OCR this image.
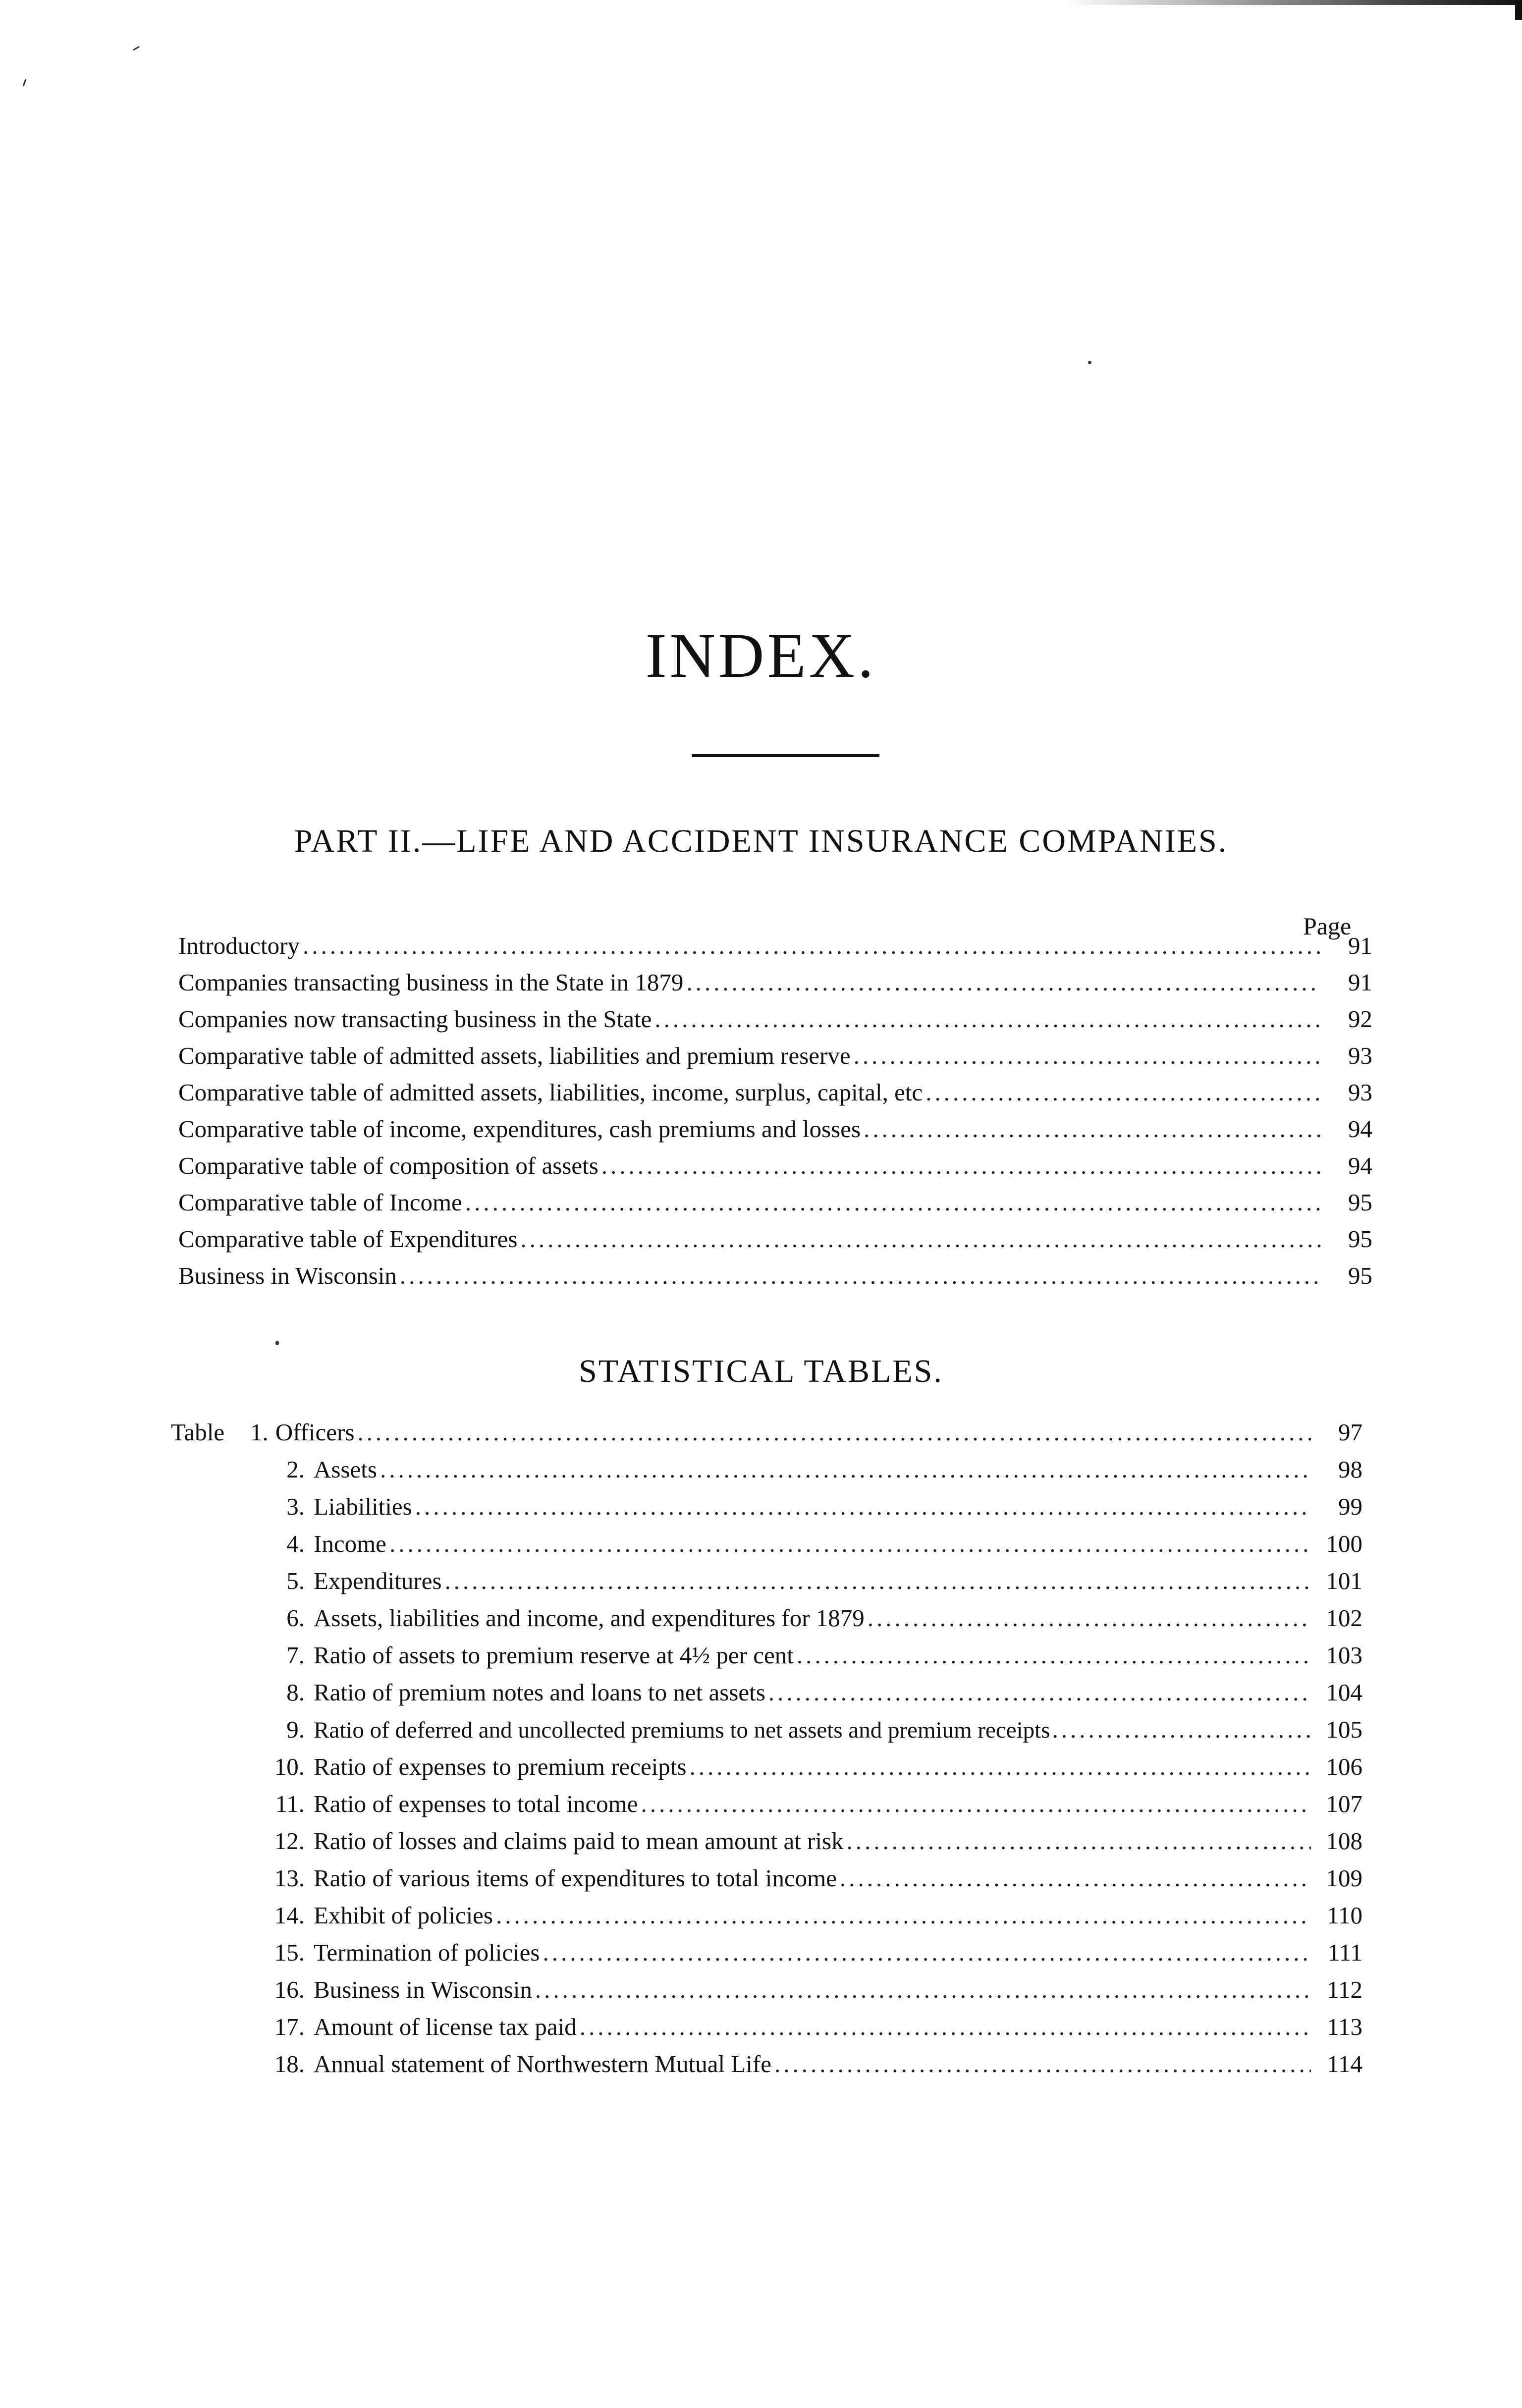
INDEX.
PART II.—LIFE AND ACCIDENT INSURANCE COMPANIES.
Page
Introductory .....	91
Companies transacting business in the State in 1879 .....	91
Companies now transacting business in the State .....	92
Comparative table of admitted assets, liabilities and premium reserve .....	93
Comparative table of admitted assets, liabilities, income, surplus, capital, etc .....	93
Comparative table of income, expenditures, cash premiums and losses .....	94
Comparative table of composition of assets .....	94
Comparative table of Income .....	95
Comparative table of Expenditures .....	95
Business in Wisconsin .....	95
STATISTICAL TABLES.
Table	1. Officers .....	97
2. Assets .....	98
3. Liabilities .....	99
4. Income .....	100
5. Expenditures .....	101
6. Assets, liabilities and income, and expenditures for 1879 .....	102
7. Ratio of assets to premium reserve at 4½ per cent .....	103
8. Ratio of premium notes and loans to net assets .....	104
9. Ratio of deferred and uncollected premiums to net assets and premium receipts .....	105
10. Ratio of expenses to premium receipts .....	106
11. Ratio of expenses to total income .....	107
12. Ratio of losses and claims paid to mean amount at risk .....	108
13. Ratio of various items of expenditures to total income .....	109
14. Exhibit of policies .....	110
15. Termination of policies .....	111
16. Business in Wisconsin .....	112
17. Amount of license tax paid .....	113
18. Annual statement of Northwestern Mutual Life .....	114
